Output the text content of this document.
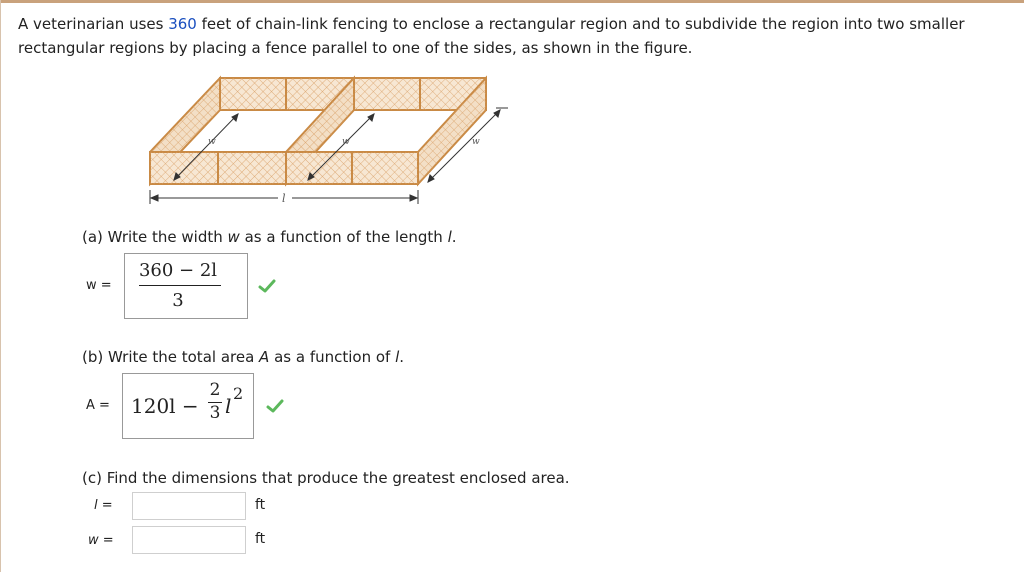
A veterinarian uses 360 feet of chain-link fencing to enclose a rectangular region and to subdivide the region into two smaller rectangular regions by placing a fence parallel to one of the sides, as shown in the figure.
w	w	w
l
(a) Write the width w as a function of the length l.
w =
360 − 2l
3
(b) Write the total area A as a function of l.
A = 120l −
2
3 l
2
(c) Find the dimensions that produce the greatest enclosed area.
l =	ft
w =	ft
